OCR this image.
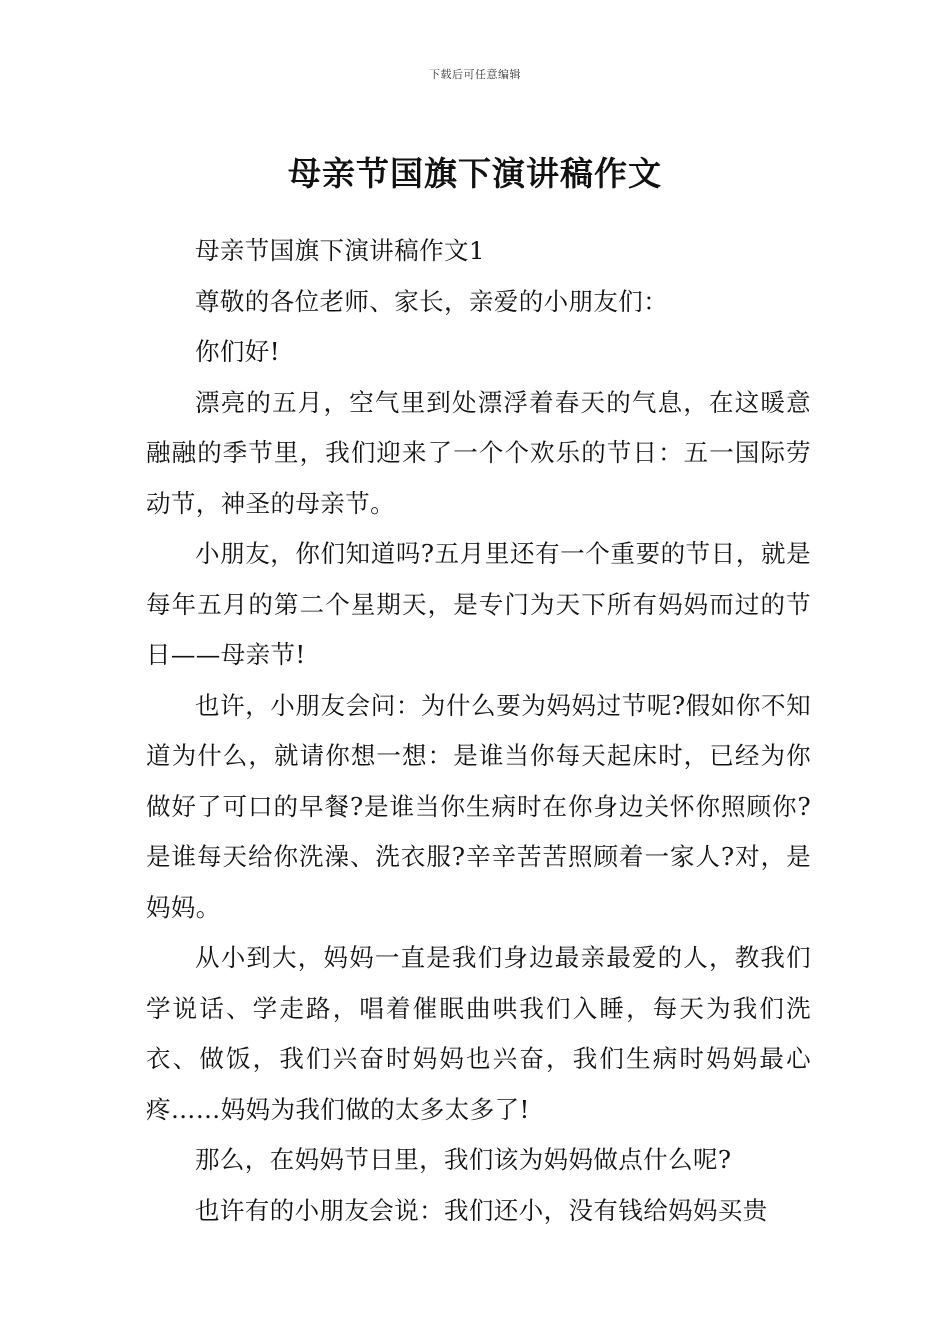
下载后可任意编辑
母亲节国旗下演讲稿作文

母亲节国旗下演讲稿作文1

尊敬的各位老师、家长，亲爱的小朋友们：

你们好!

漂亮的五月，空气里到处漂浮着春天的气息，在这暖意融融的季节里，我们迎来了一个个欢乐的节日：五一国际劳动节，神圣的母亲节。

小朋友，你们知道吗?五月里还有一个重要的节日，就是每年五月的第二个星期天，是专门为天下所有妈妈而过的节日——母亲节!

也许，小朋友会问：为什么要为妈妈过节呢?假如你不知道为什么，就请你想一想：是谁当你每天起床时，已经为你做好了可口的早餐?是谁当你生病时在你身边关怀你照顾你?是谁每天给你洗澡、洗衣服?辛辛苦苦照顾着一家人?对，是妈妈。

从小到大，妈妈一直是我们身边最亲最爱的人，教我们学说话、学走路，唱着催眠曲哄我们入睡，每天为我们洗衣、做饭，我们兴奋时妈妈也兴奋，我们生病时妈妈最心疼……妈妈为我们做的太多太多了!

那么，在妈妈节日里，我们该为妈妈做点什么呢?

也许有的小朋友会说：我们还小，没有钱给妈妈买贵
